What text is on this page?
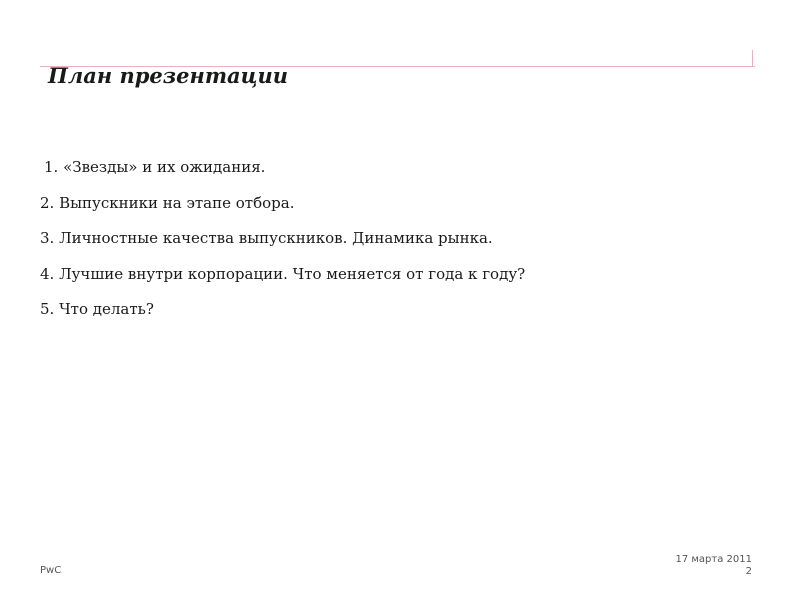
План презентации
1. «Звезды» и их ожидания.
2. Выпускники на этапе отбора.
3. Личностные качества выпускников. Динамика рынка.
4. Лучшие внутри корпорации. Что меняется от года к году?
5. Что делать?
PwC
17 марта 2011
2
